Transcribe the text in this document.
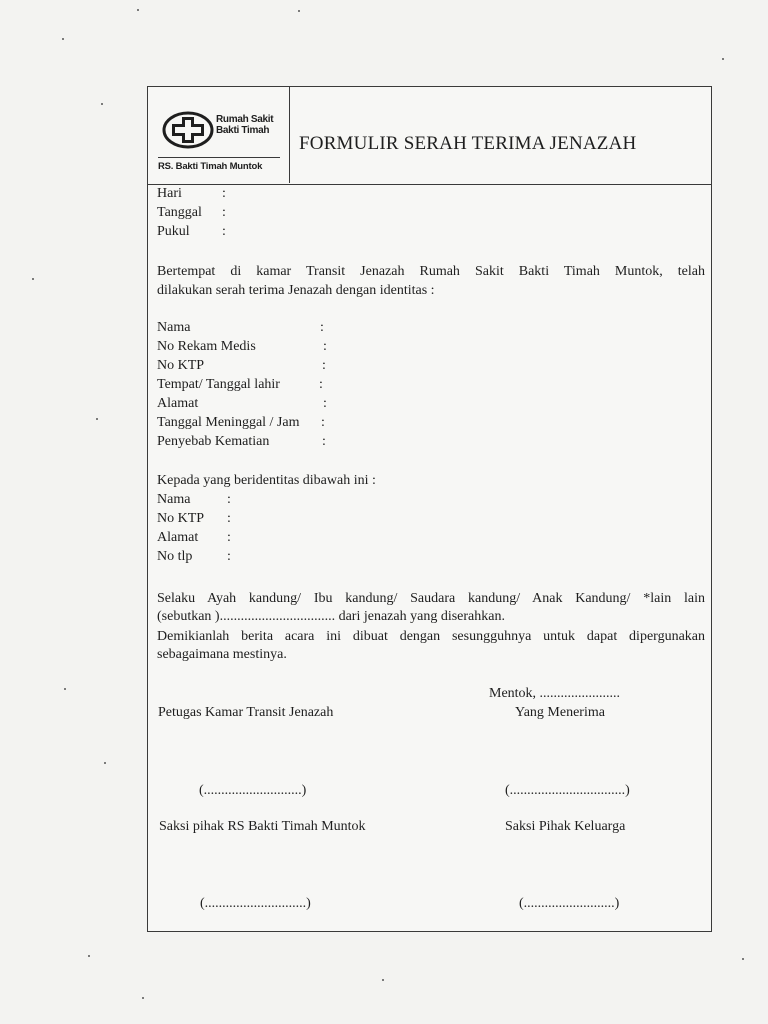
Rumah Sakit
Bakti Timah
RS. Bakti Timah Muntok
FORMULIR SERAH TERIMA JENAZAH
Hari	:
Tanggal :
Pukul :
Bertempat di kamar Transit Jenazah Rumah Sakit Bakti Timah Muntok, telah
dilakukan serah terima Jenazah dengan identitas :
Nama	:
No Rekam Medis	:
No KTP	:
Tempat/ Tanggal lahir	:
Alamat	:
Tanggal Meninggal / Jam :
Penyebab Kematian	:
Kepada yang beridentitas dibawah ini :
Nama	:
No KTP :
Alamat :
No tlp :
Selaku Ayah kandung/ Ibu kandung/ Saudara kandung/ Anak Kandung/ *lain lain
(sebutkan )................................. dari jenazah yang diserahkan.
Demikianlah berita acara ini dibuat dengan sesungguhnya untuk dapat dipergunakan
sebagaimana mestinya.
Mentok, .......................
Petugas Kamar Transit Jenazah	Yang Menerima
(............................)	(.................................)
Saksi pihak RS Bakti Timah Muntok	Saksi Pihak Keluarga
(.............................)	(..........................)
